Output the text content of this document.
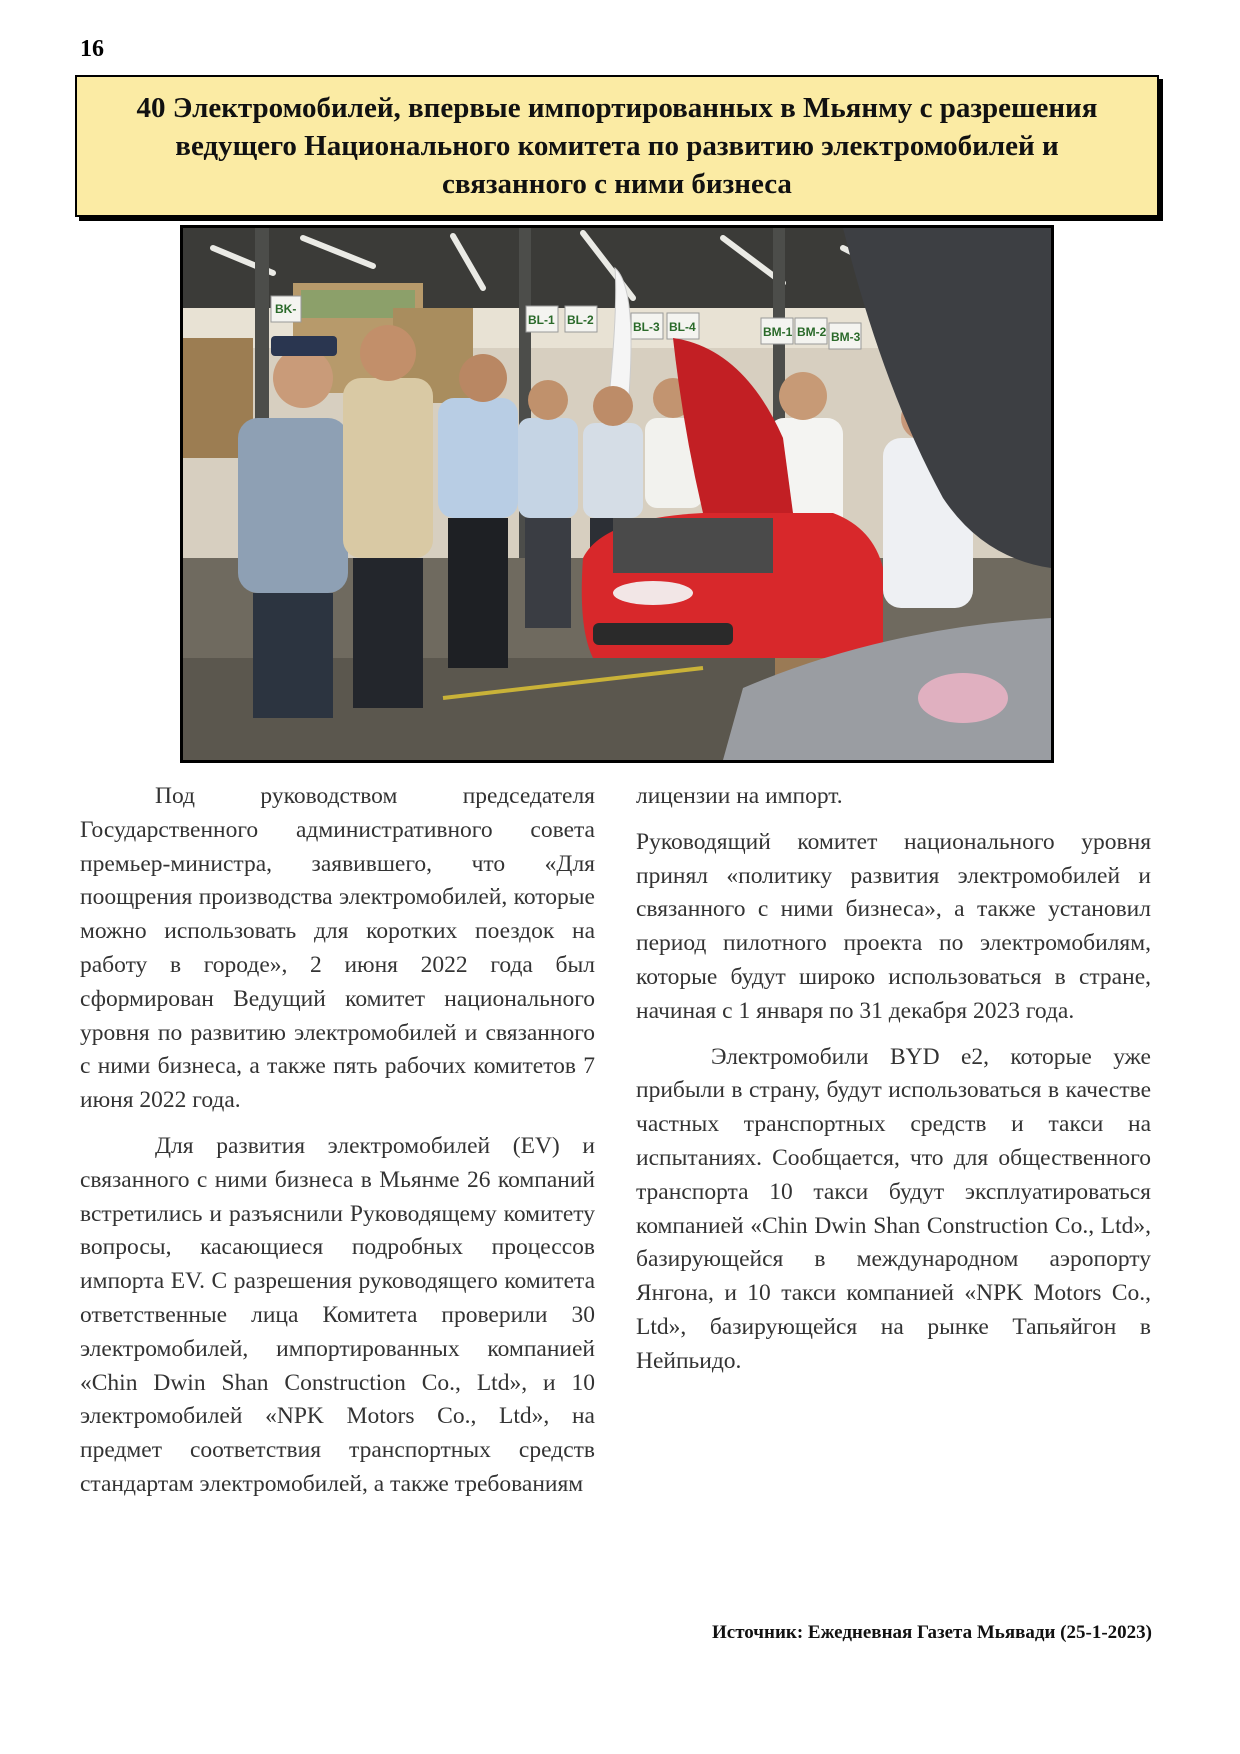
16
40 Электромобилей, впервые импортированных в Мьянму с разрешения ведущего Национального комитета по развитию электромобилей и связанного с ними бизнеса
BK-
BL-1 BL-2	BL-3 BL-4	BM-1 BM-2 BM-3

Под руководством председателя Государственного административного совета премьер-министра, заявившего, что «Для поощрения производства электромобилей, которые можно использовать для коротких поездок на работу в городе», 2 июня 2022 года был сформирован Ведущий комитет национального уровня по развитию электромобилей и связанного с ними бизнеса, а также пять рабочих комитетов 7 июня 2022 года.

Для развития электромобилей (EV) и связанного с ними бизнеса в Мьянме 26 компаний встретились и разъяснили Руководящему комитету вопросы, касающиеся подробных процессов импорта EV. С разрешения руководящего комитета ответственные лица Комитета проверили 30 электромобилей, импортированных компанией «Chin Dwin Shan Construction Co., Ltd», и 10 электромобилей «NPK Motors Co., Ltd», на предмет соответствия транспортных средств стандартам электромобилей, а также требованиям

лицензии на импорт.

Руководящий комитет национального уровня принял «политику развития электромобилей и связанного с ними бизнеса», а также установил период пилотного проекта по электромобилям, которые будут широко использоваться в стране, начиная с 1 января по 31 декабря 2023 года.

Электромобили BYD e2, которые уже прибыли в страну, будут использоваться в качестве частных транспортных средств и такси на испытаниях. Сообщается, что для общественного транспорта 10 такси будут эксплуатироваться компанией «Chin Dwin Shan Construction Co., Ltd», базирующейся в международном аэропорту Янгона, и 10 такси компанией «NPK Motors Co., Ltd», базирующейся на рынке Тапьяйгон в Нейпьидо.

Источник: Ежедневная Газета Мьявади (25-1-2023)
